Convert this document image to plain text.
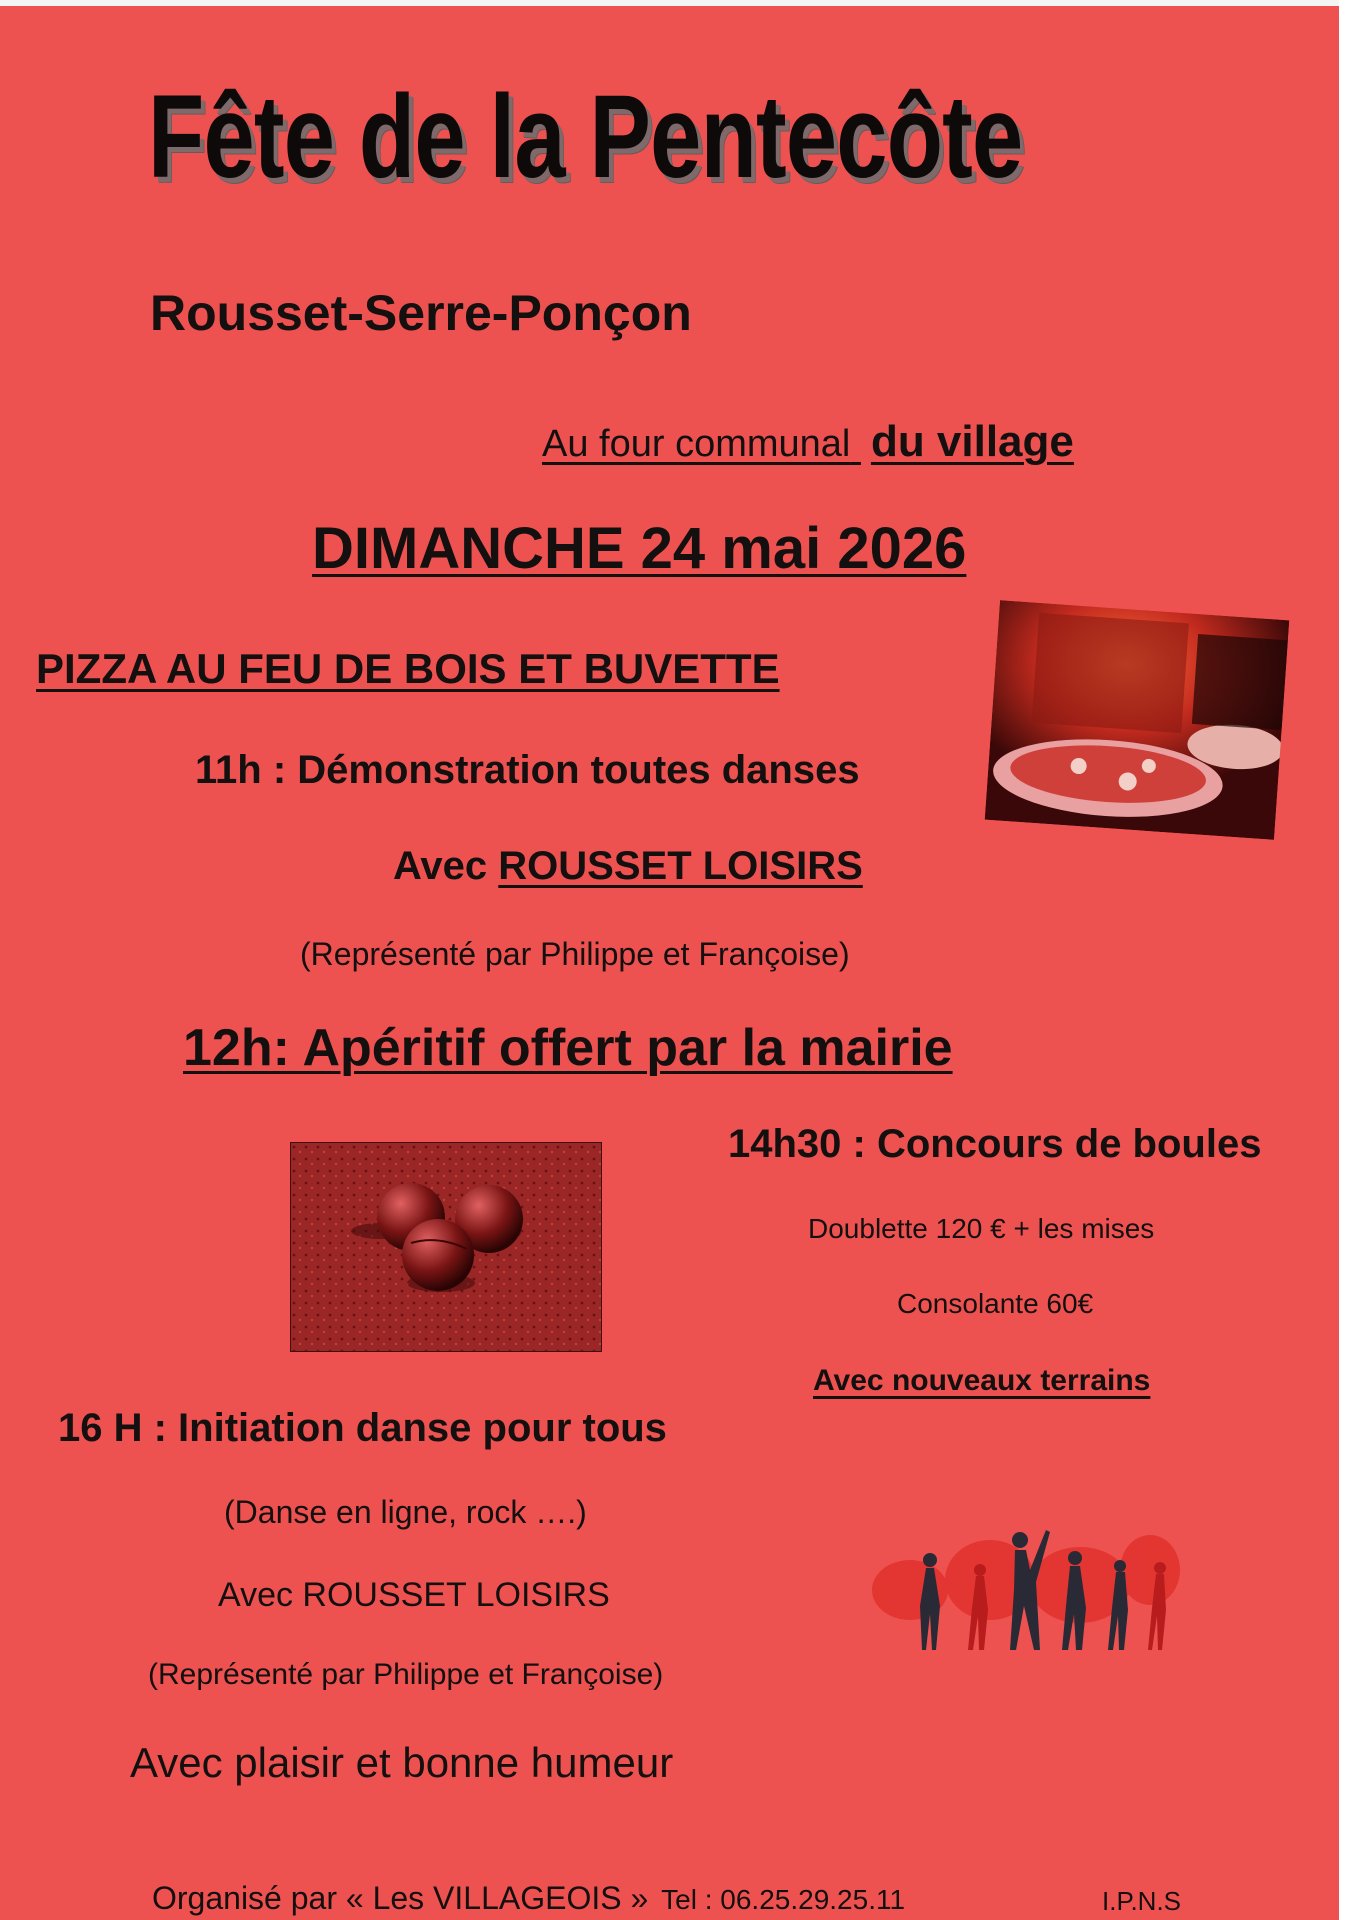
Fête de la Pentecôte
Rousset-Serre-Ponçon
Au four communal du village
DIMANCHE 24 mai 2026
PIZZA AU FEU DE BOIS ET BUVETTE
11h : Démonstration toutes danses
Avec ROUSSET LOISIRS
(Représenté par Philippe et Françoise)
12h: Apéritif offert par la mairie
14h30 : Concours de boules
Doublette 120 € + les mises
Consolante 60€
Avec nouveaux terrains
16 H : Initiation danse pour tous
(Danse en ligne, rock ….)
Avec ROUSSET LOISIRS
(Représenté par Philippe et Françoise)
Avec plaisir et bonne humeur
Organisé par « Les VILLAGEOIS » Tel : 06.25.29.25.11	I.P.N.S
